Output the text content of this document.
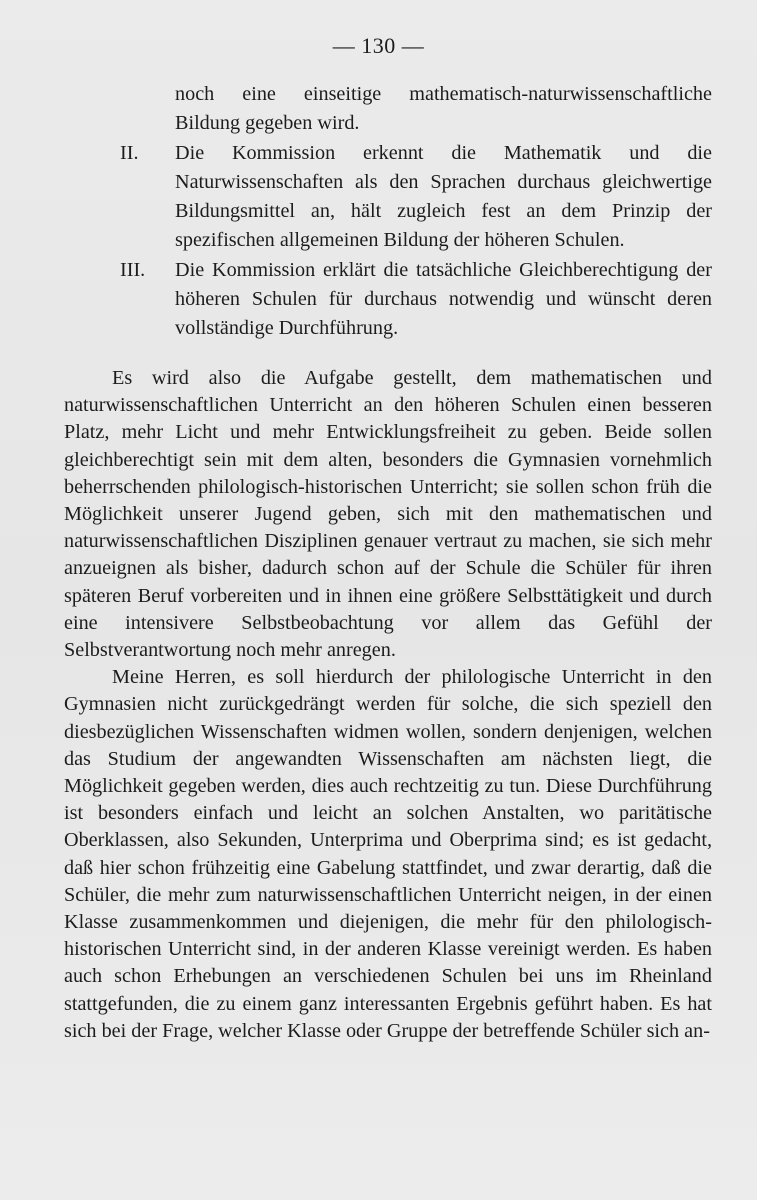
— 130 —
noch eine einseitige mathematisch-naturwissenschaftliche Bildung gegeben wird.
II.	Die Kommission erkennt die Mathematik und die Naturwissenschaften als den Sprachen durchaus gleichwertige Bildungsmittel an, hält zugleich fest an dem Prinzip der spezifischen allgemeinen Bildung der höheren Schulen.
III.	Die Kommission erklärt die tatsächliche Gleichberechtigung der höheren Schulen für durchaus notwendig und wünscht deren vollständige Durchführung.

Es wird also die Aufgabe gestellt, dem mathematischen und naturwissenschaftlichen Unterricht an den höheren Schulen einen besseren Platz, mehr Licht und mehr Entwicklungsfreiheit zu geben. Beide sollen gleichberechtigt sein mit dem alten, besonders die Gymnasien vornehmlich beherrschenden philologisch-historischen Unterricht; sie sollen schon früh die Möglichkeit unserer Jugend geben, sich mit den mathematischen und naturwissenschaftlichen Disziplinen genauer vertraut zu machen, sie sich mehr anzueignen als bisher, dadurch schon auf der Schule die Schüler für ihren späteren Beruf vorbereiten und in ihnen eine größere Selbsttätigkeit und durch eine intensivere Selbstbeobachtung vor allem das Gefühl der Selbstverantwortung noch mehr anregen.

Meine Herren, es soll hierdurch der philologische Unterricht in den Gymnasien nicht zurückgedrängt werden für solche, die sich speziell den diesbezüglichen Wissenschaften widmen wollen, sondern denjenigen, welchen das Studium der angewandten Wissenschaften am nächsten liegt, die Möglichkeit gegeben werden, dies auch rechtzeitig zu tun. Diese Durchführung ist besonders einfach und leicht an solchen Anstalten, wo paritätische Oberklassen, also Sekunden, Unterprima und Oberprima sind; es ist gedacht, daß hier schon frühzeitig eine Gabelung stattfindet, und zwar derartig, daß die Schüler, die mehr zum naturwissenschaftlichen Unterricht neigen, in der einen Klasse zusammenkommen und diejenigen, die mehr für den philologisch-historischen Unterricht sind, in der anderen Klasse vereinigt werden. Es haben auch schon Erhebungen an verschiedenen Schulen bei uns im Rheinland stattgefunden, die zu einem ganz interessanten Ergebnis geführt haben. Es hat sich bei der Frage, welcher Klasse oder Gruppe der betreffende Schüler sich an-
